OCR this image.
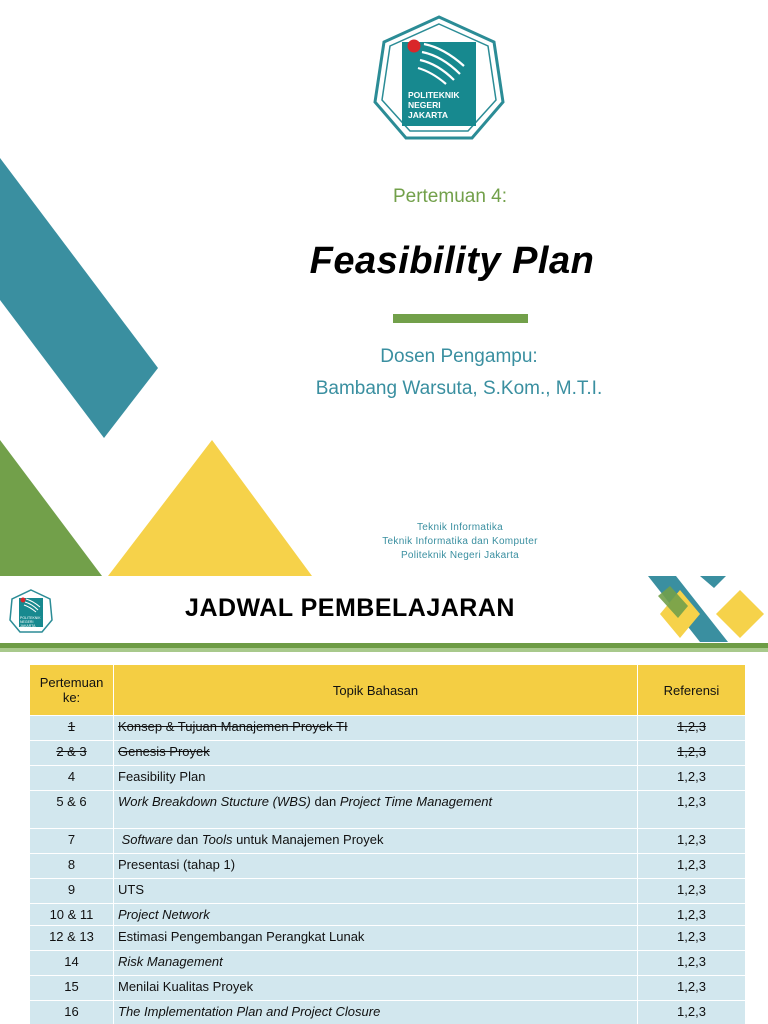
POLITEKNIK
NEGERI
JAKARTA
Pertemuan 4:
Feasibility Plan
Dosen Pengampu:
Bambang Warsuta, S.Kom., M.T.I.
Teknik Informatika
Teknik Informatika dan Komputer
Politeknik Negeri Jakarta
POLITEKNIK
NEGERI
JAKARTA
JADWAL PEMBELAJARAN
Pertemuan ke:	Topik Bahasan	Referensi
1	Konsep & Tujuan Manajemen Proyek TI	1,2,3
2 & 3	Genesis Proyek	1,2,3
4	Feasibility Plan	1,2,3
5 & 6	Work Breakdown Stucture (WBS) dan Project Time Management	1,2,3
7	Software dan Tools untuk Manajemen Proyek	1,2,3
8	Presentasi (tahap 1)	1,2,3
9	UTS	1,2,3
10 & 11	Project Network	1,2,3
12 & 13	Estimasi Pengembangan Perangkat Lunak	1,2,3
14	Risk Management	1,2,3
15	Menilai Kualitas Proyek	1,2,3
16	The Implementation Plan and Project Closure	1,2,3
